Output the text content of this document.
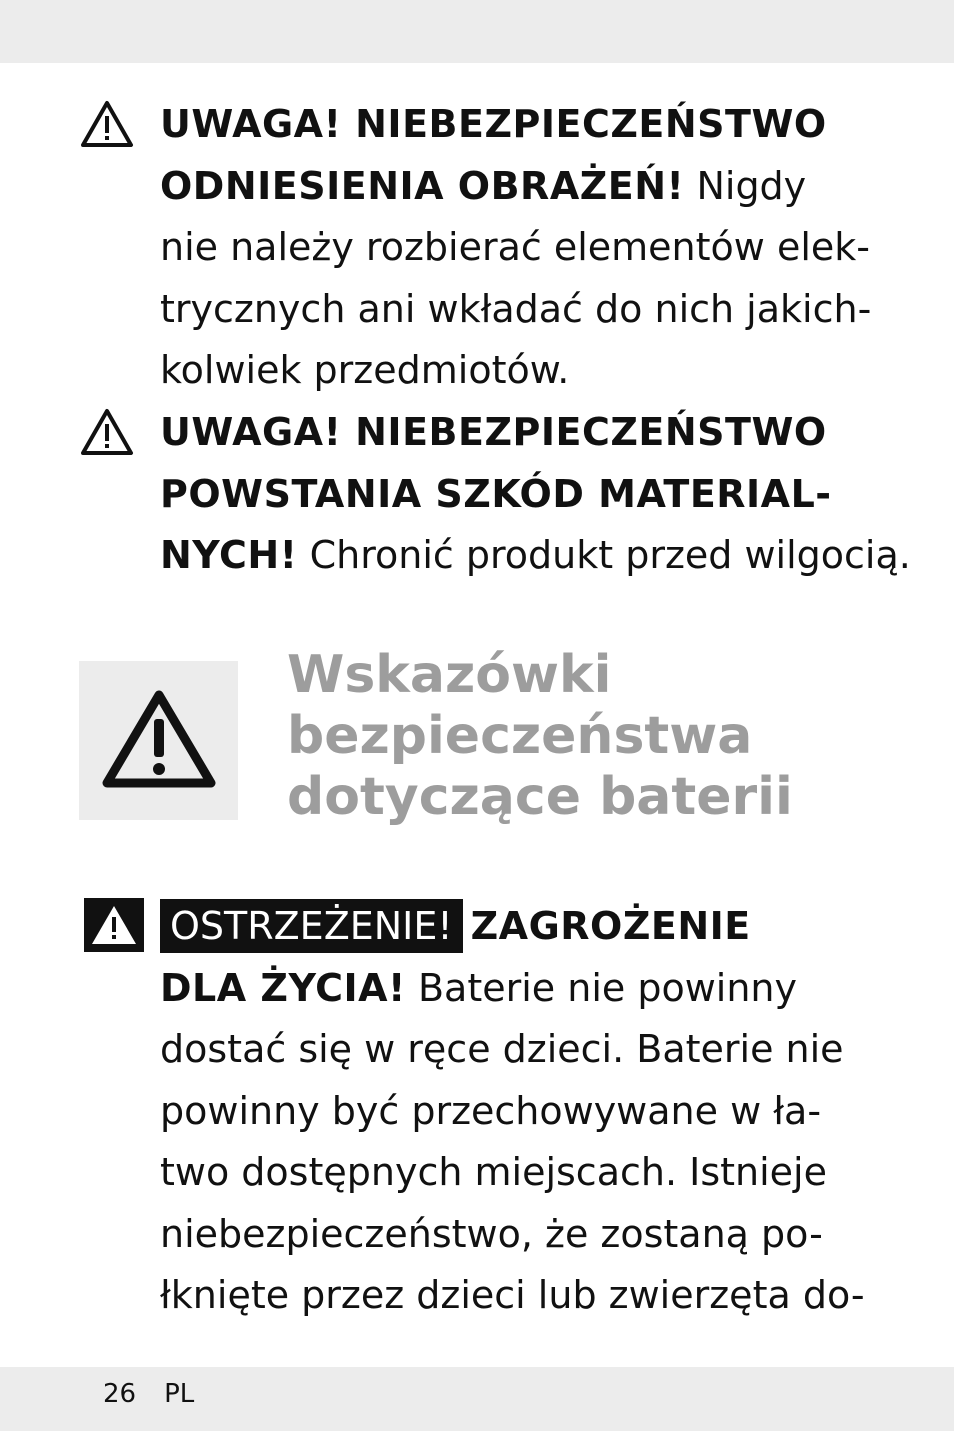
UWAGA! NIEBEZPIECZEŃSTWO
ODNIESIENIA OBRAŻEŃ! Nigdy
nie należy rozbierać elementów elek-
trycznych ani wkładać do nich jakich-
kolwiek przedmiotów.
UWAGA! NIEBEZPIECZEŃSTWO
POWSTANIA SZKÓD MATERIAL-
NYCH! Chronić produkt przed wilgocią.
Wskazówki
bezpieczeństwa
dotyczące baterii
OSTRZEŻENIE! ZAGROŻENIE
DLA ŻYCIA! Baterie nie powinny
dostać się w ręce dzieci. Baterie nie
powinny być przechowywane w ła-
two dostępnych miejscach. Istnieje
niebezpieczeństwo, że zostaną po-
łknięte przez dzieci lub zwierzęta do-
26 PL
